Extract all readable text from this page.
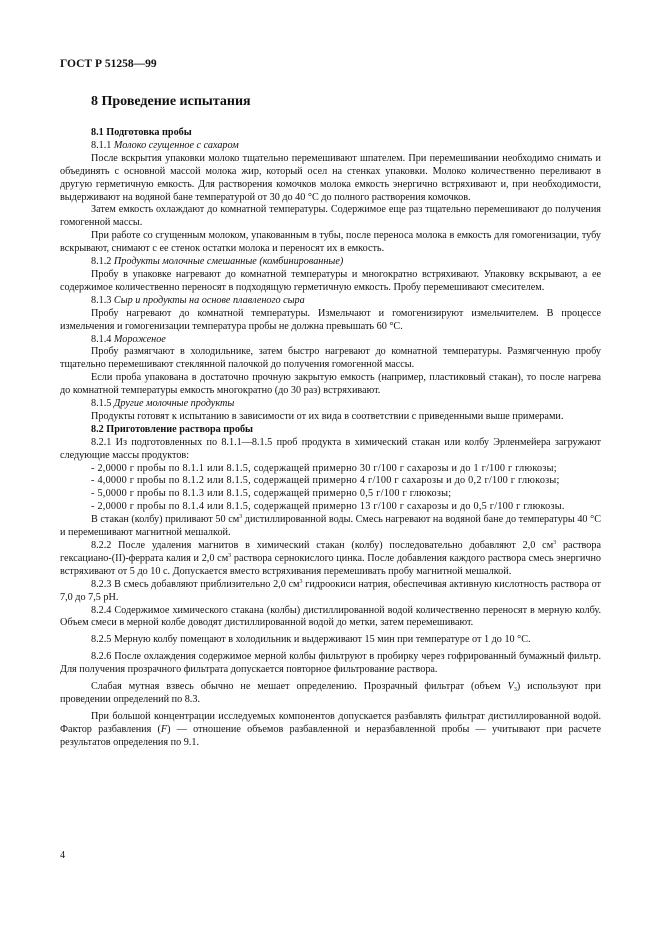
ГОСТ Р 51258—99
8 Проведение испытания
8.1 Подготовка пробы

8.1.1 Молоко сгущенное с сахаром

После вскрытия упаковки молоко тщательно перемешивают шпателем. При перемешивании необходимо снимать и объединять с основной массой молока жир, который осел на стенках упаковки. Молоко количественно переливают в другую герметичную емкость. Для растворения комочков молока емкость энергично встряхивают и, при необходимости, выдерживают на водяной бане температурой от 30 до 40 °С до полного растворения комочков.

Затем емкость охлаждают до комнатной температуры. Содержимое еще раз тщательно перемешивают до получения гомогенной массы.

При работе со сгущенным молоком, упакованным в тубы, после переноса молока в емкость для гомогенизации, тубу вскрывают, снимают с ее стенок остатки молока и переносят их в емкость.

8.1.2 Продукты молочные смешанные (комбинированные)

Пробу в упаковке нагревают до комнатной температуры и многократно встряхивают. Упаковку вскрывают, а ее содержимое количественно переносят в подходящую герметичную емкость. Пробу перемешивают смесителем.

8.1.3 Сыр и продукты на основе плавленого сыра

Пробу нагревают до комнатной температуры. Измельчают и гомогенизируют измельчителем. В процессе измельчения и гомогенизации температура пробы не должна превышать 60 °С.

8.1.4 Мороженое

Пробу размягчают в холодильнике, затем быстро нагревают до комнатной температуры. Размягченную пробу тщательно перемешивают стеклянной палочкой до получения гомогенной массы.

Если проба упакована в достаточно прочную закрытую емкость (например, пластиковый стакан), то после нагрева до комнатной температуры емкость многократно (до 30 раз) встряхивают.

8.1.5 Другие молочные продукты

Продукты готовят к испытанию в зависимости от их вида в соответствии с приведенными выше примерами.

8.2 Приготовление раствора пробы

8.2.1 Из подготовленных по 8.1.1—8.1.5 проб продукта в химический стакан или колбу Эрленмейера загружают следующие массы продуктов:

- 2,0000 г пробы по 8.1.1 или 8.1.5, содержащей примерно 30 г/100 г сахарозы и до 1 г/100 г глюкозы;

- 4,0000 г пробы по 8.1.2 или 8.1.5, содержащей примерно 4 г/100 г сахарозы и до 0,2 г/100 г глюкозы;

- 5,0000 г пробы по 8.1.3 или 8.1.5, содержащей примерно 0,5 г/100 г глюкозы;

- 2,0000 г пробы по 8.1.4 или 8.1.5, содержащей примерно 13 г/100 г сахарозы и до 0,5 г/100 г глюкозы.

В стакан (колбу) приливают 50 $см^3$ дистиллированной воды. Смесь нагревают на водяной бане до температуры 40 °С и перемешивают магнитной мешалкой.

8.2.2 После удаления магнитов в химический стакан (колбу) последовательно добавляют 2,0 $см^3$ раствора гексациано-(II)-феррата калия и 2,0 $см^3$ раствора сернокислого цинка. После добавления каждого раствора смесь энергично встряхивают от 5 до 10 с. Допускается вместо встряхивания перемешивать пробу магнитной мешалкой.

8.2.3 В смесь добавляют приблизительно 2,0 $см^3$ гидроокиси натрия, обеспечивая активную кислотность раствора от 7,0 до 7,5 рН.

8.2.4 Содержимое химического стакана (колбы) дистиллированной водой количественно переносят в мерную колбу. Объем смеси в мерной колбе доводят дистиллированной водой до метки, затем перемешивают.

8.2.5 Мерную колбу помещают в холодильник и выдерживают 15 мин при температуре от 1 до 10 °С.

8.2.6 После охлаждения содержимое мерной колбы фильтруют в пробирку через гофрированный бумажный фильтр. Для получения прозрачного фильтрата допускается повторное фильтрование раствора.

Слабая мутная взвесь обычно не мешает определению. Прозрачный фильтрат (объем $V_3$) используют при проведении определений по 8.3.

При большой концентрации исследуемых компонентов допускается разбавлять фильтрат дистиллированной водой. Фактор разбавления (F) — отношение объемов разбавленной и неразбавленной пробы — учитывают при расчете результатов определения по 9.1.

4
